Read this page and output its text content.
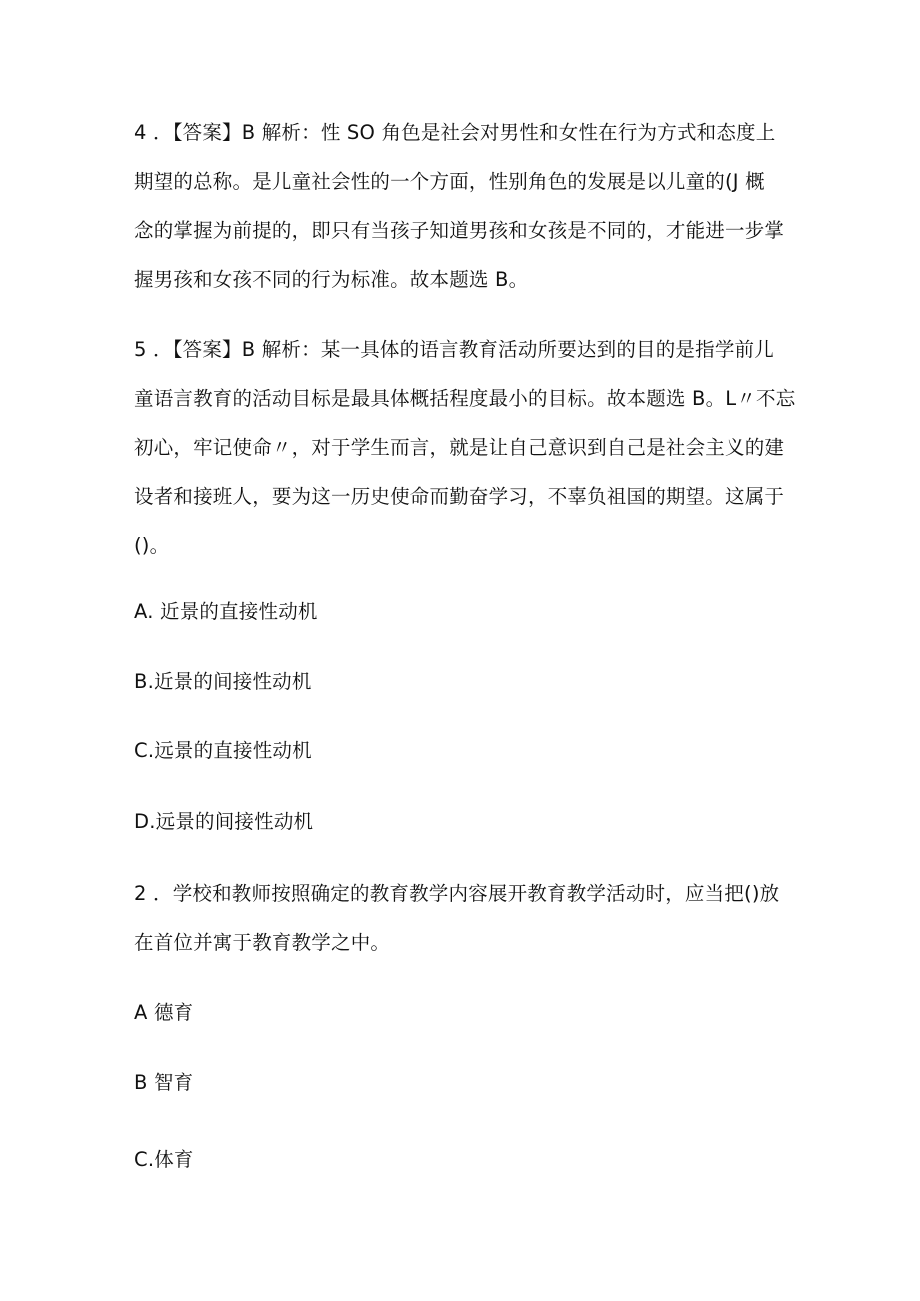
4 ．【答案】B 解析：性 SO 角色是社会对男性和女性在行为方式和态度上
期望的总称。是儿童社会性的一个方面，性别角色的发展是以儿童的(J 概
念的掌握为前提的，即只有当孩子知道男孩和女孩是不同的，才能进一步掌
握男孩和女孩不同的行为标准。故本题选 B。
5 ．【答案】B 解析：某一具体的语言教育活动所要达到的目的是指学前儿
童语言教育的活动目标是最具体概括程度最小的目标。故本题选 B。L〃不忘
初心，牢记使命〃，对于学生而言，就是让自己意识到自己是社会主义的建
设者和接班人，要为这一历史使命而勤奋学习，不辜负祖国的期望。这属于
()。
A. 近景的直接性动机
B.近景的间接性动机
C.远景的直接性动机
D.远景的间接性动机
2 ．学校和教师按照确定的教育教学内容展开教育教学活动时，应当把()放
在首位并寓于教育教学之中。
A 德育
B 智育
C.体育
